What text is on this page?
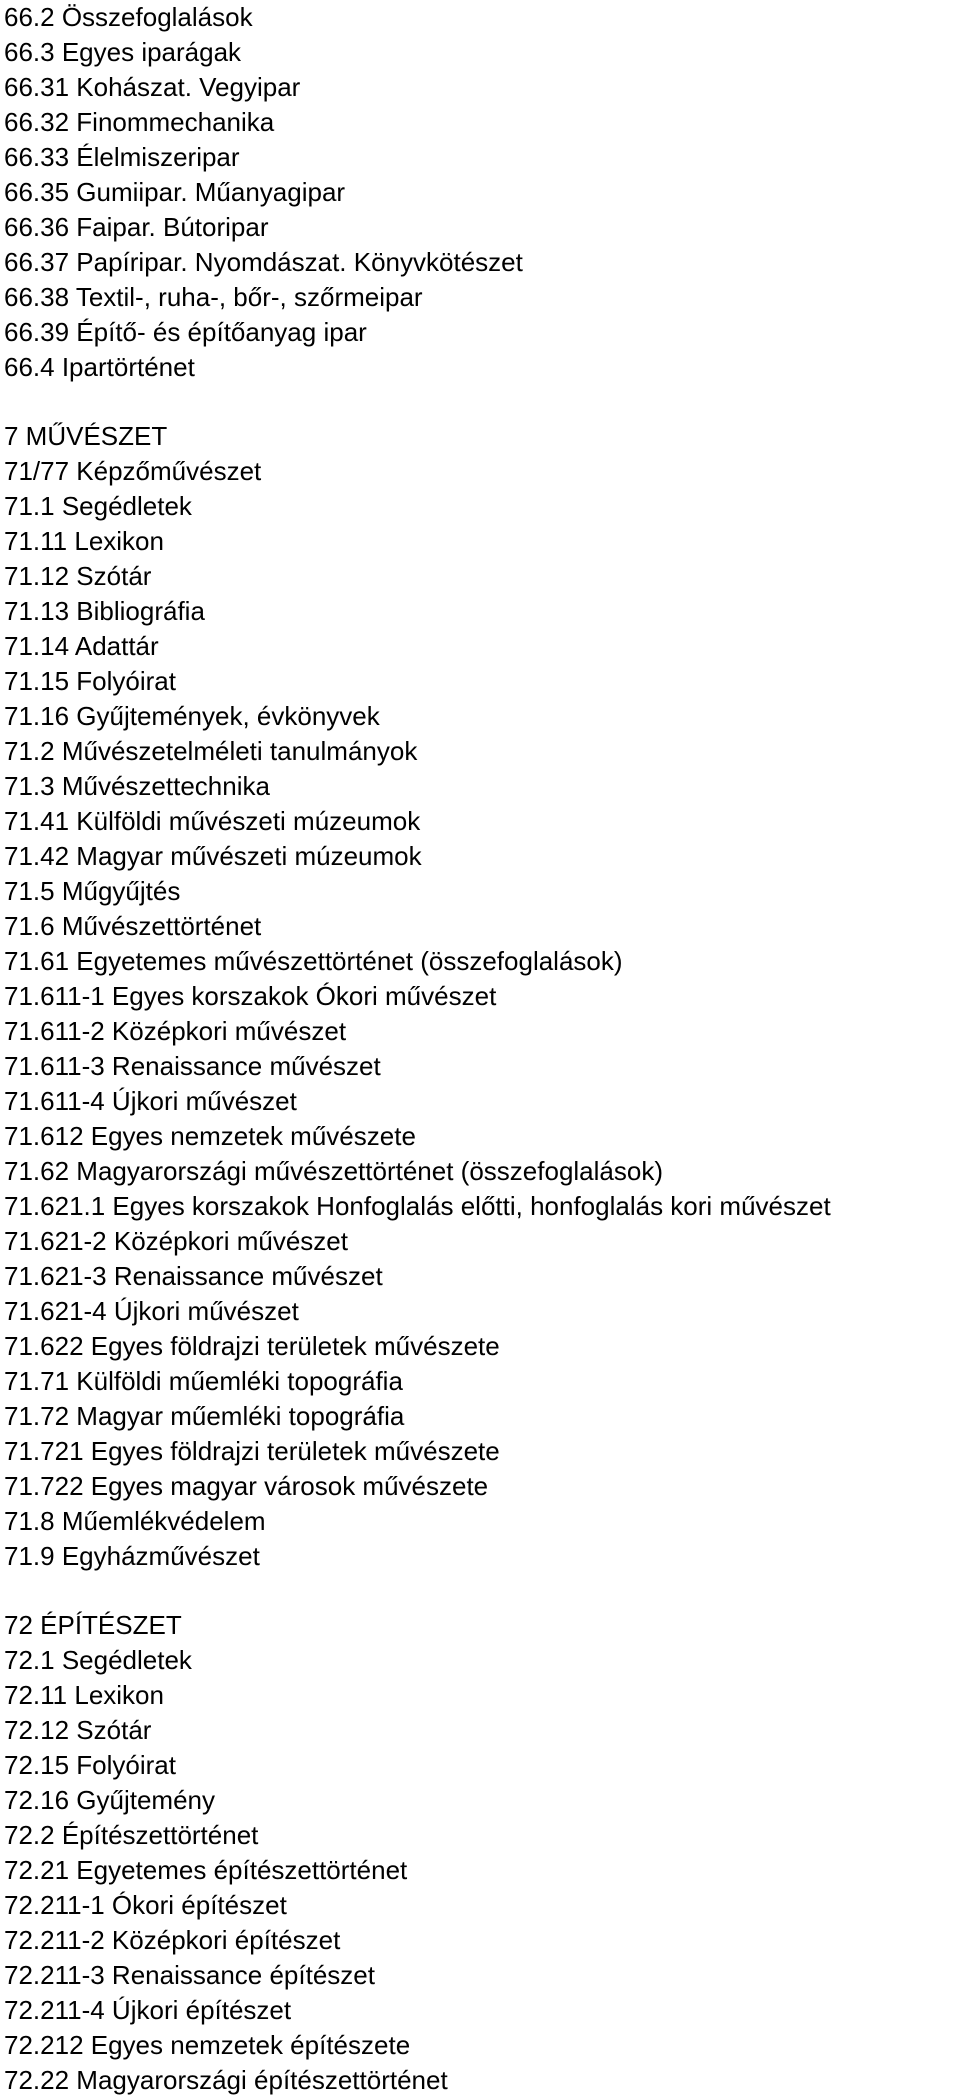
66.2 Összefoglalások
66.3 Egyes iparágak
66.31 Kohászat. Vegyipar
66.32 Finommechanika
66.33 Élelmiszeripar
66.35 Gumiipar. Műanyagipar
66.36 Faipar. Bútoripar
66.37 Papíripar. Nyomdászat. Könyvkötészet
66.38 Textil-, ruha-, bőr-, szőrmeipar
66.39 Építő- és építőanyag ipar
66.4 Ipartörténet
7 MŰVÉSZET
71/77 Képzőművészet
71.1 Segédletek
71.11 Lexikon
71.12 Szótár
71.13 Bibliográfia
71.14 Adattár
71.15 Folyóirat
71.16 Gyűjtemények, évkönyvek
71.2 Művészetelméleti tanulmányok
71.3 Művészettechnika
71.41 Külföldi művészeti múzeumok
71.42 Magyar művészeti múzeumok
71.5 Műgyűjtés
71.6 Művészettörténet
71.61 Egyetemes művészettörténet (összefoglalások)
71.611-1 Egyes korszakok Ókori művészet
71.611-2 Középkori művészet
71.611-3 Renaissance művészet
71.611-4 Újkori művészet
71.612 Egyes nemzetek művészete
71.62 Magyarországi művészettörténet (összefoglalások)
71.621.1 Egyes korszakok Honfoglalás előtti, honfoglalás kori művészet
71.621-2 Középkori művészet
71.621-3 Renaissance művészet
71.621-4 Újkori művészet
71.622 Egyes földrajzi területek művészete
71.71 Külföldi műemléki topográfia
71.72 Magyar műemléki topográfia
71.721 Egyes földrajzi területek művészete
71.722 Egyes magyar városok művészete
71.8 Műemlékvédelem
71.9 Egyházművészet
72 ÉPÍTÉSZET
72.1 Segédletek
72.11 Lexikon
72.12 Szótár
72.15 Folyóirat
72.16 Gyűjtemény
72.2 Építészettörténet
72.21 Egyetemes építészettörténet
72.211-1 Ókori építészet
72.211-2 Középkori építészet
72.211-3 Renaissance építészet
72.211-4 Újkori építészet
72.212 Egyes nemzetek építészete
72.22 Magyarországi építészettörténet
